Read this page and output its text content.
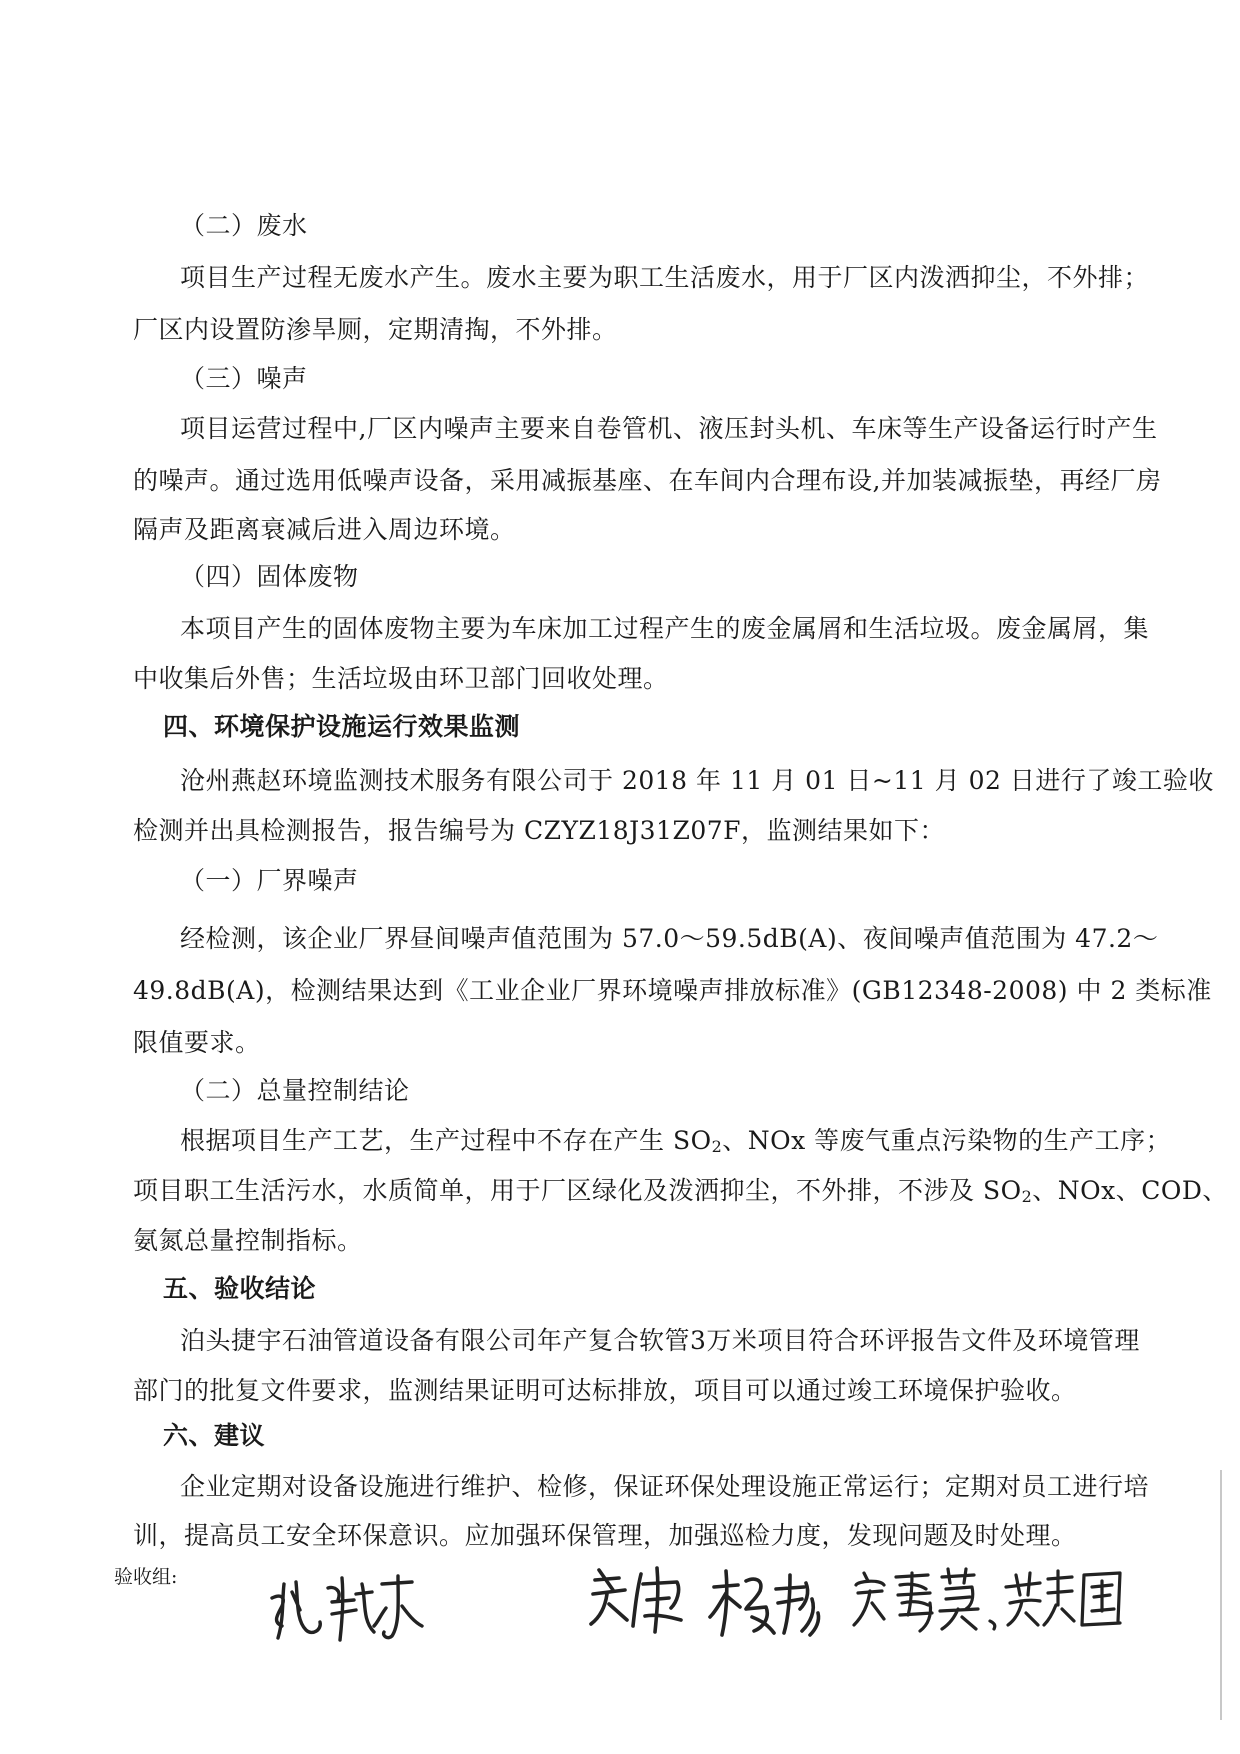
（二）废水
项目生产过程无废水产生。废水主要为职工生活废水，用于厂区内泼洒抑尘，不外排；
厂区内设置防渗旱厕，定期清掏，不外排。
（三）噪声
项目运营过程中,厂区内噪声主要来自卷管机、液压封头机、车床等生产设备运行时产生
的噪声。通过选用低噪声设备，采用减振基座、在车间内合理布设,并加装减振垫，再经厂房
隔声及距离衰减后进入周边环境。
（四）固体废物
本项目产生的固体废物主要为车床加工过程产生的废金属屑和生活垃圾。废金属屑，集
中收集后外售；生活垃圾由环卫部门回收处理。
四、环境保护设施运行效果监测
沧州燕赵环境监测技术服务有限公司于 2018 年 11 月 01 日~11 月 02 日进行了竣工验收
检测并出具检测报告，报告编号为 CZYZ18J31Z07F，监测结果如下：
（一）厂界噪声
经检测，该企业厂界昼间噪声值范围为 57.0～59.5dB(A)、夜间噪声值范围为 47.2～
49.8dB(A)，检测结果达到《工业企业厂界环境噪声排放标准》(GB12348-2008) 中 2 类标准
限值要求。
（二）总量控制结论
根据项目生产工艺，生产过程中不存在产生 $SO_2$、NOx 等废气重点污染物的生产工序；
项目职工生活污水，水质简单，用于厂区绿化及泼洒抑尘，不外排，不涉及 $SO_2$、NOx、COD、
氨氮总量控制指标。
五、验收结论
泊头捷宇石油管道设备有限公司年产复合软管3万米项目符合环评报告文件及环境管理
部门的批复文件要求，监测结果证明可达标排放，项目可以通过竣工环境保护验收。
六、建议
企业定期对设备设施进行维护、检修，保证环保处理设施正常运行；定期对员工进行培
训，提高员工安全环保意识。应加强环保管理，加强巡检力度，发现问题及时处理。
验收组:
